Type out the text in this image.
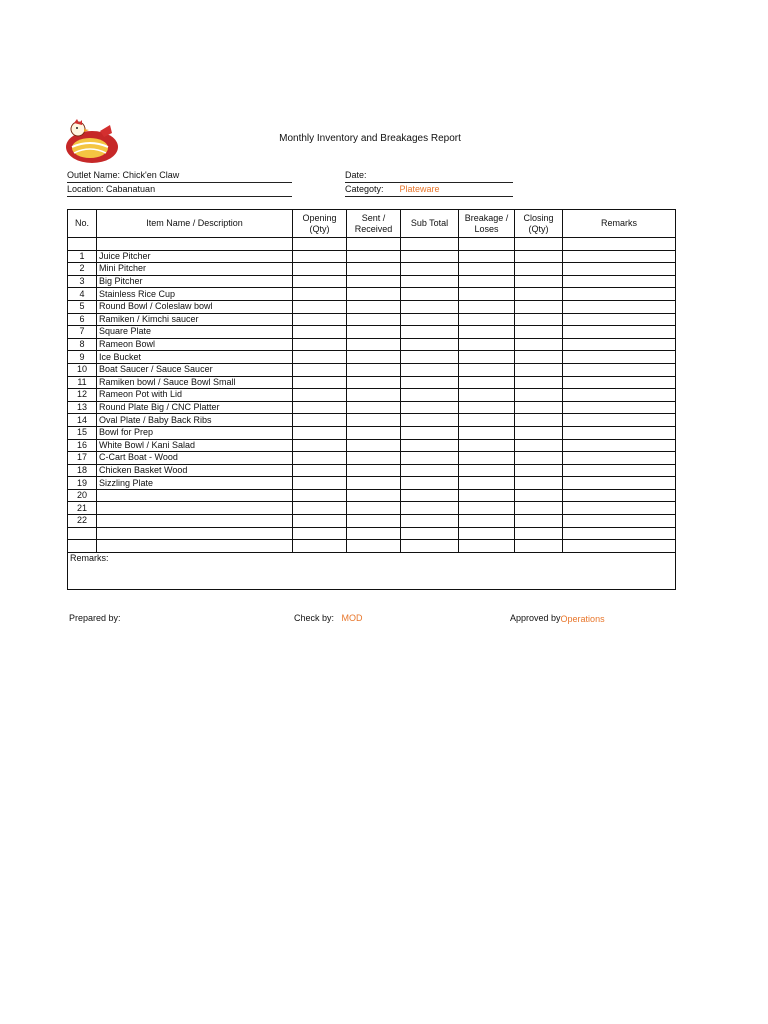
Monthly Inventory and Breakages Report
Outlet Name: Chick'en Claw
Location: Cabanatuan
Date:
Categoty: Plateware
No.	Item Name / Description	Opening (Qty)	Sent / Received	Sub Total	Breakage / Loses	Closing (Qty)	Remarks

1	Juice Pitcher						
2	Mini Pitcher						
3	Big Pitcher						
4	Stainless Rice Cup						
5	Round Bowl / Coleslaw bowl						
6	Ramiken / Kimchi saucer						
7	Square Plate						
8	Rameon Bowl						
9	Ice Bucket						
10	Boat Saucer / Sauce Saucer						
11	Ramiken bowl / Sauce Bowl Small						
12	Rameon Pot with Lid						
13	Round Plate Big / CNC Platter						
14	Oval Plate / Baby Back Ribs						
15	Bowl for Prep						
16	White Bowl / Kani Salad						
17	C-Cart Boat - Wood						
18	Chicken Basket Wood						
19	Sizzling Plate						
20							
21							
22							

Remarks:							
Prepared by:	Check by: MOD	Approved byOperations
